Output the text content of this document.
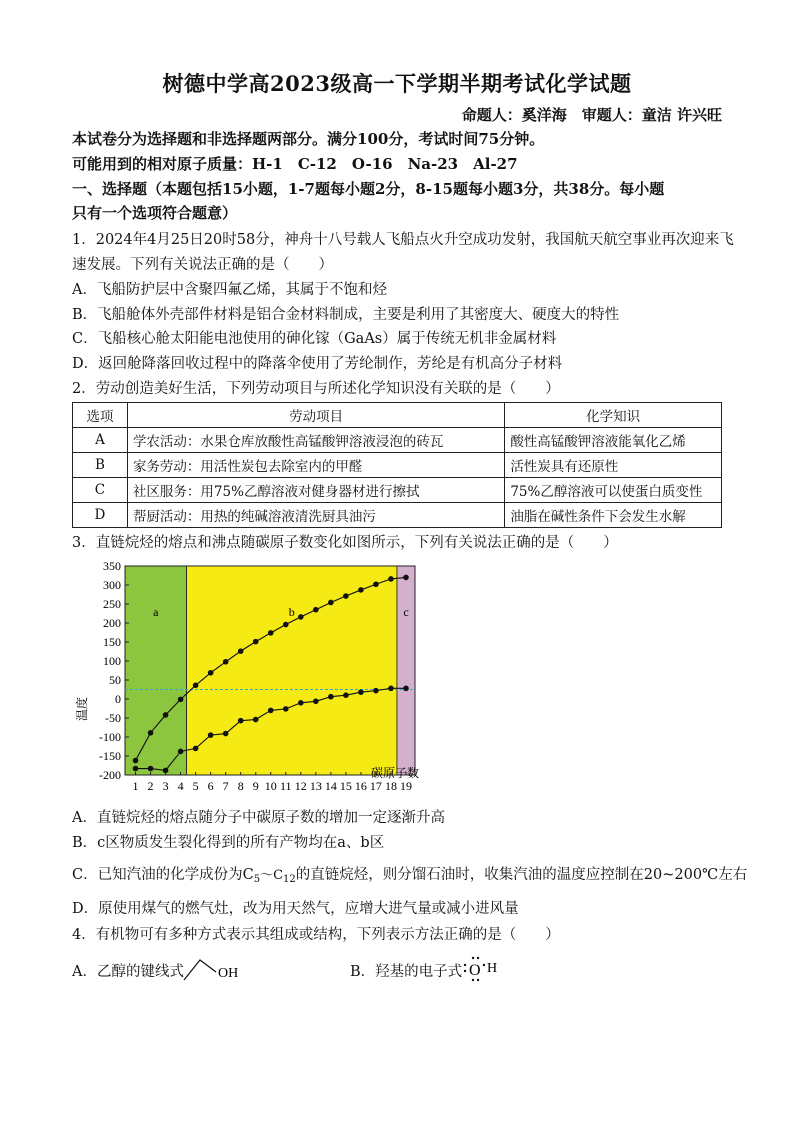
树德中学高2023级高一下学期半期考试化学试题
命题人：奚洋海　审题人：童洁 许兴旺
本试卷分为选择题和非选择题两部分。满分100分，考试时间75分钟。
可能用到的相对原子质量：H-1　C-12　O-16　Na-23　Al-27
一、选择题（本题包括15小题，1-7题每小题2分，8-15题每小题3分，共38分。每小题
只有一个选项符合题意）
1．2024年4月25日20时58分，神舟十八号载人飞船点火升空成功发射，我国航天航空事业再次迎来飞
速发展。下列有关说法正确的是（　　）
A．飞船防护层中含聚四氟乙烯，其属于不饱和烃
B．飞船舱体外壳部件材料是铝合金材料制成，主要是利用了其密度大、硬度大的特性
C．飞船核心舱太阳能电池使用的砷化镓（GaAs）属于传统无机非金属材料
D．返回舱降落回收过程中的降落伞使用了芳纶制作，芳纶是有机高分子材料
2．劳动创造美好生活，下列劳动项目与所述化学知识没有关联的是（　　）
选项	劳动项目	化学知识
A	学农活动：水果仓库放酸性高锰酸钾溶液浸泡的砖瓦	酸性高锰酸钾溶液能氧化乙烯
B	家务劳动：用活性炭包去除室内的甲醛	活性炭具有还原性
C	社区服务：用75%乙醇溶液对健身器材进行擦拭	75%乙醇溶液可以使蛋白质变性
D	帮厨活动：用热的纯碱溶液清洗厨具油污	油脂在碱性条件下会发生水解
3．直链烷烃的熔点和沸点随碳原子数变化如图所示，下列有关说法正确的是（　　）
a	b	c
-200
-150
-100
-50
0
50
100
150
200
250
300
350
1 2 3 4 5 6 7 8 9 10 11 12 13 14 15 16 17 18 19
碳原子数
温度
A．直链烷烃的熔点随分子中碳原子数的增加一定逐渐升高
B．c区物质发生裂化得到的所有产物均在a、b区
C．已知汽油的化学成份为$C_5\sim C_{12}$的直链烷烃，则分馏石油时，收集汽油的温度应控制在20~200℃左右
D．原使用煤气的燃气灶，改为用天然气，应增大进气量或减小进风量
4．有机物可有多种方式表示其组成或结构，下列表示方法正确的是（　　）
A．乙醇的键线式 OH	B．羟基的电子式 O H
